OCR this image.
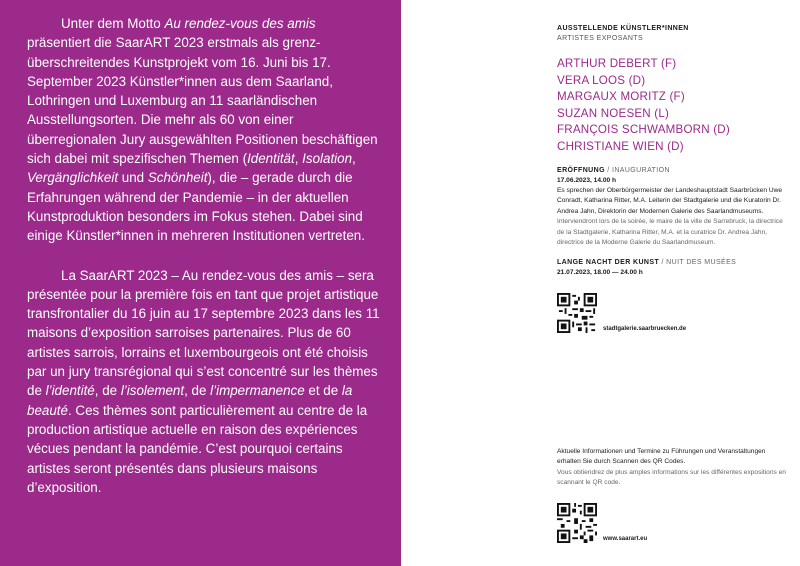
Unter dem Motto Au rendez-vous des amis präsentiert die SaarART 2023 erstmals als grenzüberschreitendes Kunstprojekt vom 16. Juni bis 17. September 2023 Künstler*innen aus dem Saarland, Lothringen und Luxemburg an 11 saarländischen Ausstellungsorten. Die mehr als 60 von einer überregionalen Jury ausgewählten Positionen beschäftigen sich dabei mit spezifischen Themen (Identität, Isolation, Vergänglichkeit und Schönheit), die – gerade durch die Erfahrungen während der Pandemie – in der aktuellen Kunstproduktion besonders im Fokus stehen. Dabei sind einige Künstler*innen in mehreren Institutionen vertreten.

La SaarART 2023 – Au rendez-vous des amis – sera présentée pour la première fois en tant que projet artistique transfrontalier du 16 juin au 17 septembre 2023 dans les 11 maisons d’exposition sarroises partenaires. Plus de 60 artistes sarrois, lorrains et luxembourgeois ont été choisis par un jury transrégional qui s’est concentré sur les thèmes de l’identité, de l’isolement, de l’impermanence et de la beauté. Ces thèmes sont particulièrement au centre de la production artistique actuelle en raison des expériences vécues pendant la pandémie. C’est pourquoi certains artistes seront présentés dans plusieurs maisons d’exposition.

AUSSTELLENDE KÜNSTLER*INNEN
ARTISTES EXPOSANTS
ARTHUR DEBERT (F)
VERA LOOS (D)
MARGAUX MORITZ (F)
SUZAN NOESEN (L)
FRANÇOIS SCHWAMBORN (D)
CHRISTIANE WIEN (D)
ERÖFFNUNG / INAUGURATION
17.06.2023, 14.00 h
Es sprechen der Oberbürgermeister der Landeshauptstadt Saarbrücken Uwe Conradt, Katharina Ritter, M.A. Leiterin der Stadtgalerie und die Kuratorin Dr. Andrea Jahn, Direktorin der Modernen Galerie des Saarlandmuseums.
Interviendront lors de la soirée, le maire de la ville de Sarrebruck, la directrice de la Stadtgalerie, Katharina Ritter, M.A. et la curatrice Dr. Andrea Jahn, directrice de la Moderne Galerie du Saarlandmuseum.
LANGE NACHT DER KUNST / NUIT DES MUSÉES
21.07.2023, 18.00 — 24.00 h
stadtgalerie.saarbruecken.de
Aktuelle Informationen und Termine zu Führungen und Veranstaltungen erhalten Sie durch Scannen des QR Codes.
Vous obtiendrez de plus amples informations sur les différentes expositions en scannant le QR code.
www.saarart.eu
